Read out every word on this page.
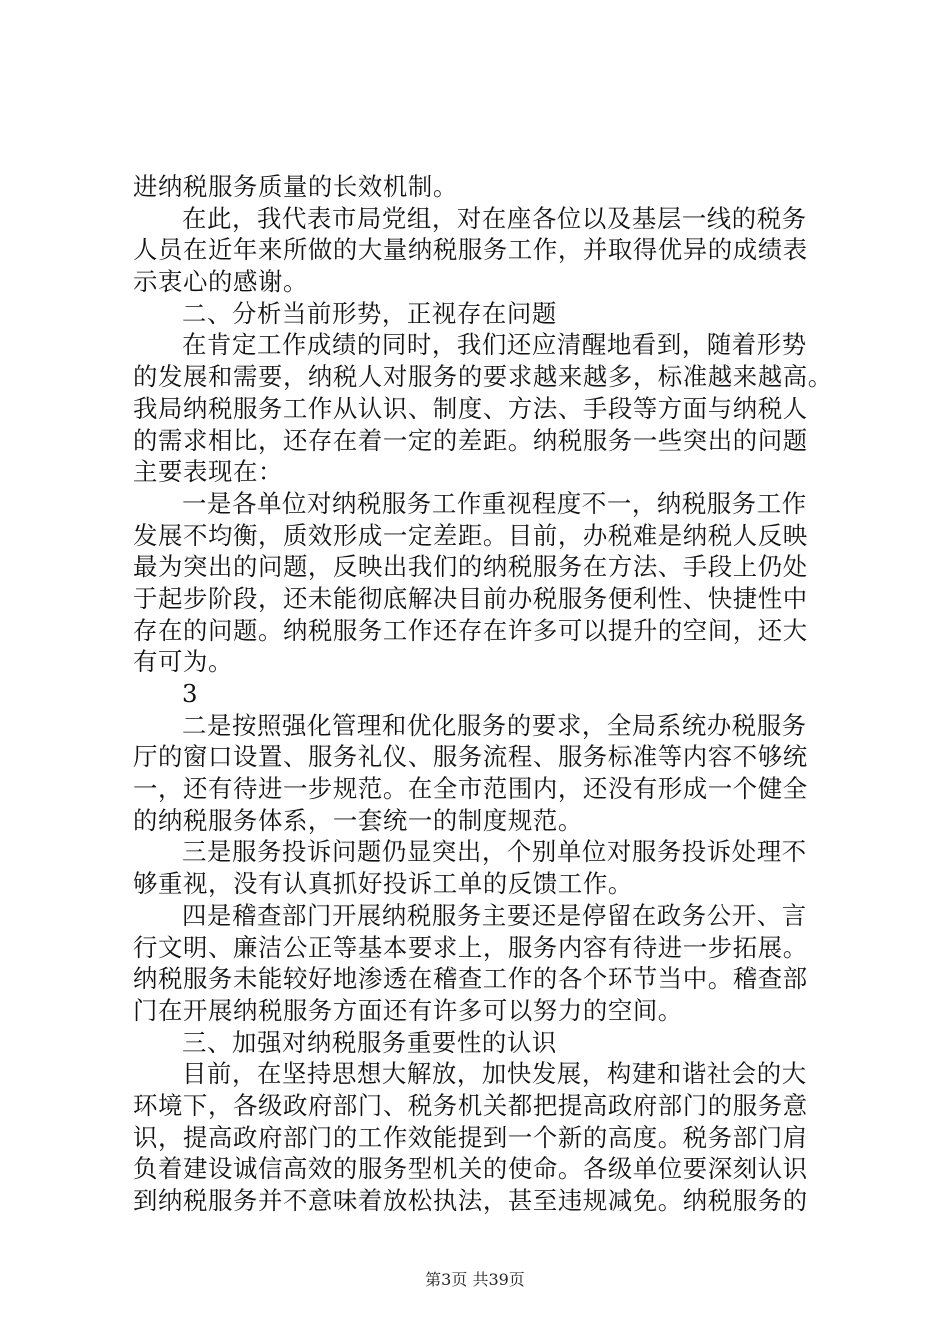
进纳税服务质量的长效机制。
在此，我代表市局党组，对在座各位以及基层一线的税务
人员在近年来所做的大量纳税服务工作，并取得优异的成绩表
示衷心的感谢。
二、分析当前形势，正视存在问题
在肯定工作成绩的同时，我们还应清醒地看到，随着形势
的发展和需要，纳税人对服务的要求越来越多，标准越来越高。
我局纳税服务工作从认识、制度、方法、手段等方面与纳税人
的需求相比，还存在着一定的差距。纳税服务一些突出的问题
主要表现在：
一是各单位对纳税服务工作重视程度不一，纳税服务工作
发展不均衡，质效形成一定差距。目前，办税难是纳税人反映
最为突出的问题，反映出我们的纳税服务在方法、手段上仍处
于起步阶段，还未能彻底解决目前办税服务便利性、快捷性中
存在的问题。纳税服务工作还存在许多可以提升的空间，还大
有可为。
3
二是按照强化管理和优化服务的要求，全局系统办税服务
厅的窗口设置、服务礼仪、服务流程、服务标准等内容不够统
一，还有待进一步规范。在全市范围内，还没有形成一个健全
的纳税服务体系，一套统一的制度规范。
三是服务投诉问题仍显突出，个别单位对服务投诉处理不
够重视，没有认真抓好投诉工单的反馈工作。
四是稽查部门开展纳税服务主要还是停留在政务公开、言
行文明、廉洁公正等基本要求上，服务内容有待进一步拓展。
纳税服务未能较好地渗透在稽查工作的各个环节当中。稽查部
门在开展纳税服务方面还有许多可以努力的空间。
三、加强对纳税服务重要性的认识
目前，在坚持思想大解放，加快发展，构建和谐社会的大
环境下，各级政府部门、税务机关都把提高政府部门的服务意
识，提高政府部门的工作效能提到一个新的高度。税务部门肩
负着建设诚信高效的服务型机关的使命。各级单位要深刻认识
到纳税服务并不意味着放松执法，甚至违规减免。纳税服务的
第3页 共39页
